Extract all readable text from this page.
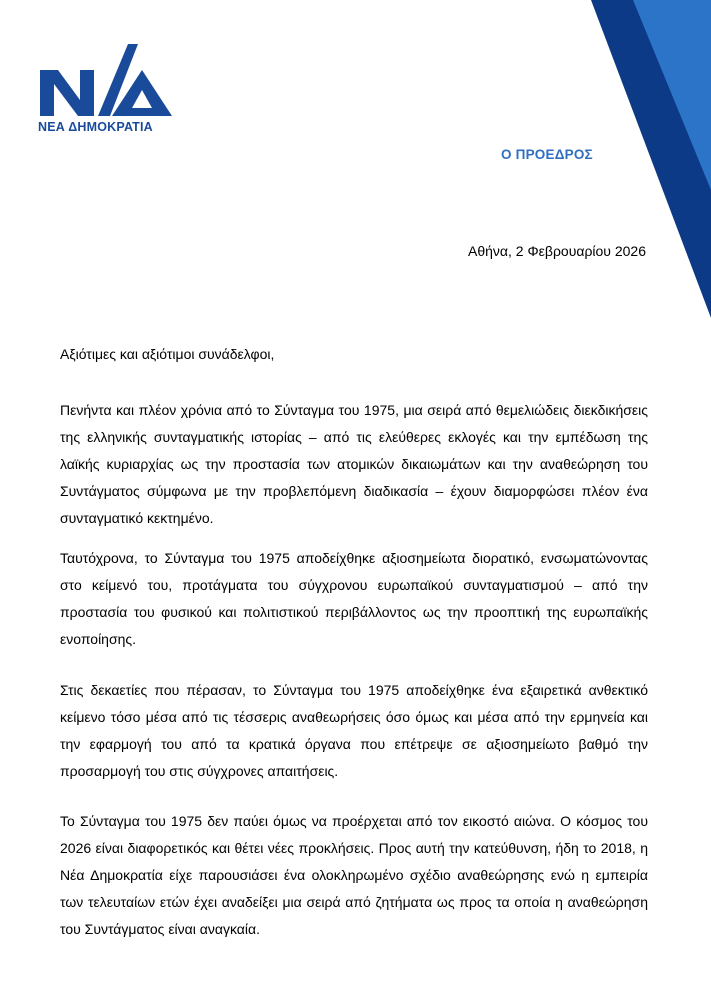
ΝΕΑ ΔΗΜΟΚΡΑΤΙΑ
Ο ΠΡΟΕΔΡΟΣ
Αθήνα, 2 Φεβρουαρίου 2026
Αξιότιμες και αξιότιμοι συνάδελφοι,
Πενήντα και πλέον χρόνια από το Σύνταγμα του 1975, μια σειρά από θεμελιώδεις διεκδικήσεις της ελληνικής συνταγματικής ιστορίας – από τις ελεύθερες εκλογές και την εμπέδωση της λαϊκής κυριαρχίας ως την προστασία των ατομικών δικαιωμάτων και την αναθεώρηση του Συντάγματος σύμφωνα με την προβλεπόμενη διαδικασία – έχουν διαμορφώσει πλέον ένα συνταγματικό κεκτημένο.
Ταυτόχρονα, το Σύνταγμα του 1975 αποδείχθηκε αξιοσημείωτα διορατικό, ενσωματώνοντας στο κείμενό του, προτάγματα του σύγχρονου ευρωπαϊκού συνταγματισμού – από την προστασία του φυσικού και πολιτιστικού περιβάλλοντος ως την προοπτική της ευρωπαϊκής ενοποίησης.
Στις δεκαετίες που πέρασαν, το Σύνταγμα του 1975 αποδείχθηκε ένα εξαιρετικά ανθεκτικό κείμενο τόσο μέσα από τις τέσσερις αναθεωρήσεις όσο όμως και μέσα από την ερμηνεία και την εφαρμογή του από τα κρατικά όργανα που επέτρεψε σε αξιοσημείωτο βαθμό την προσαρμογή του στις σύγχρονες απαιτήσεις.
Το Σύνταγμα του 1975 δεν παύει όμως να προέρχεται από τον εικοστό αιώνα. Ο κόσμος του 2026 είναι διαφορετικός και θέτει νέες προκλήσεις. Προς αυτή την κατεύθυνση, ήδη το 2018, η Νέα Δημοκρατία είχε παρουσιάσει ένα ολοκληρωμένο σχέδιο αναθεώρησης ενώ η εμπειρία των τελευταίων ετών έχει αναδείξει μια σειρά από ζητήματα ως προς τα οποία η αναθεώρηση του Συντάγματος είναι αναγκαία.
